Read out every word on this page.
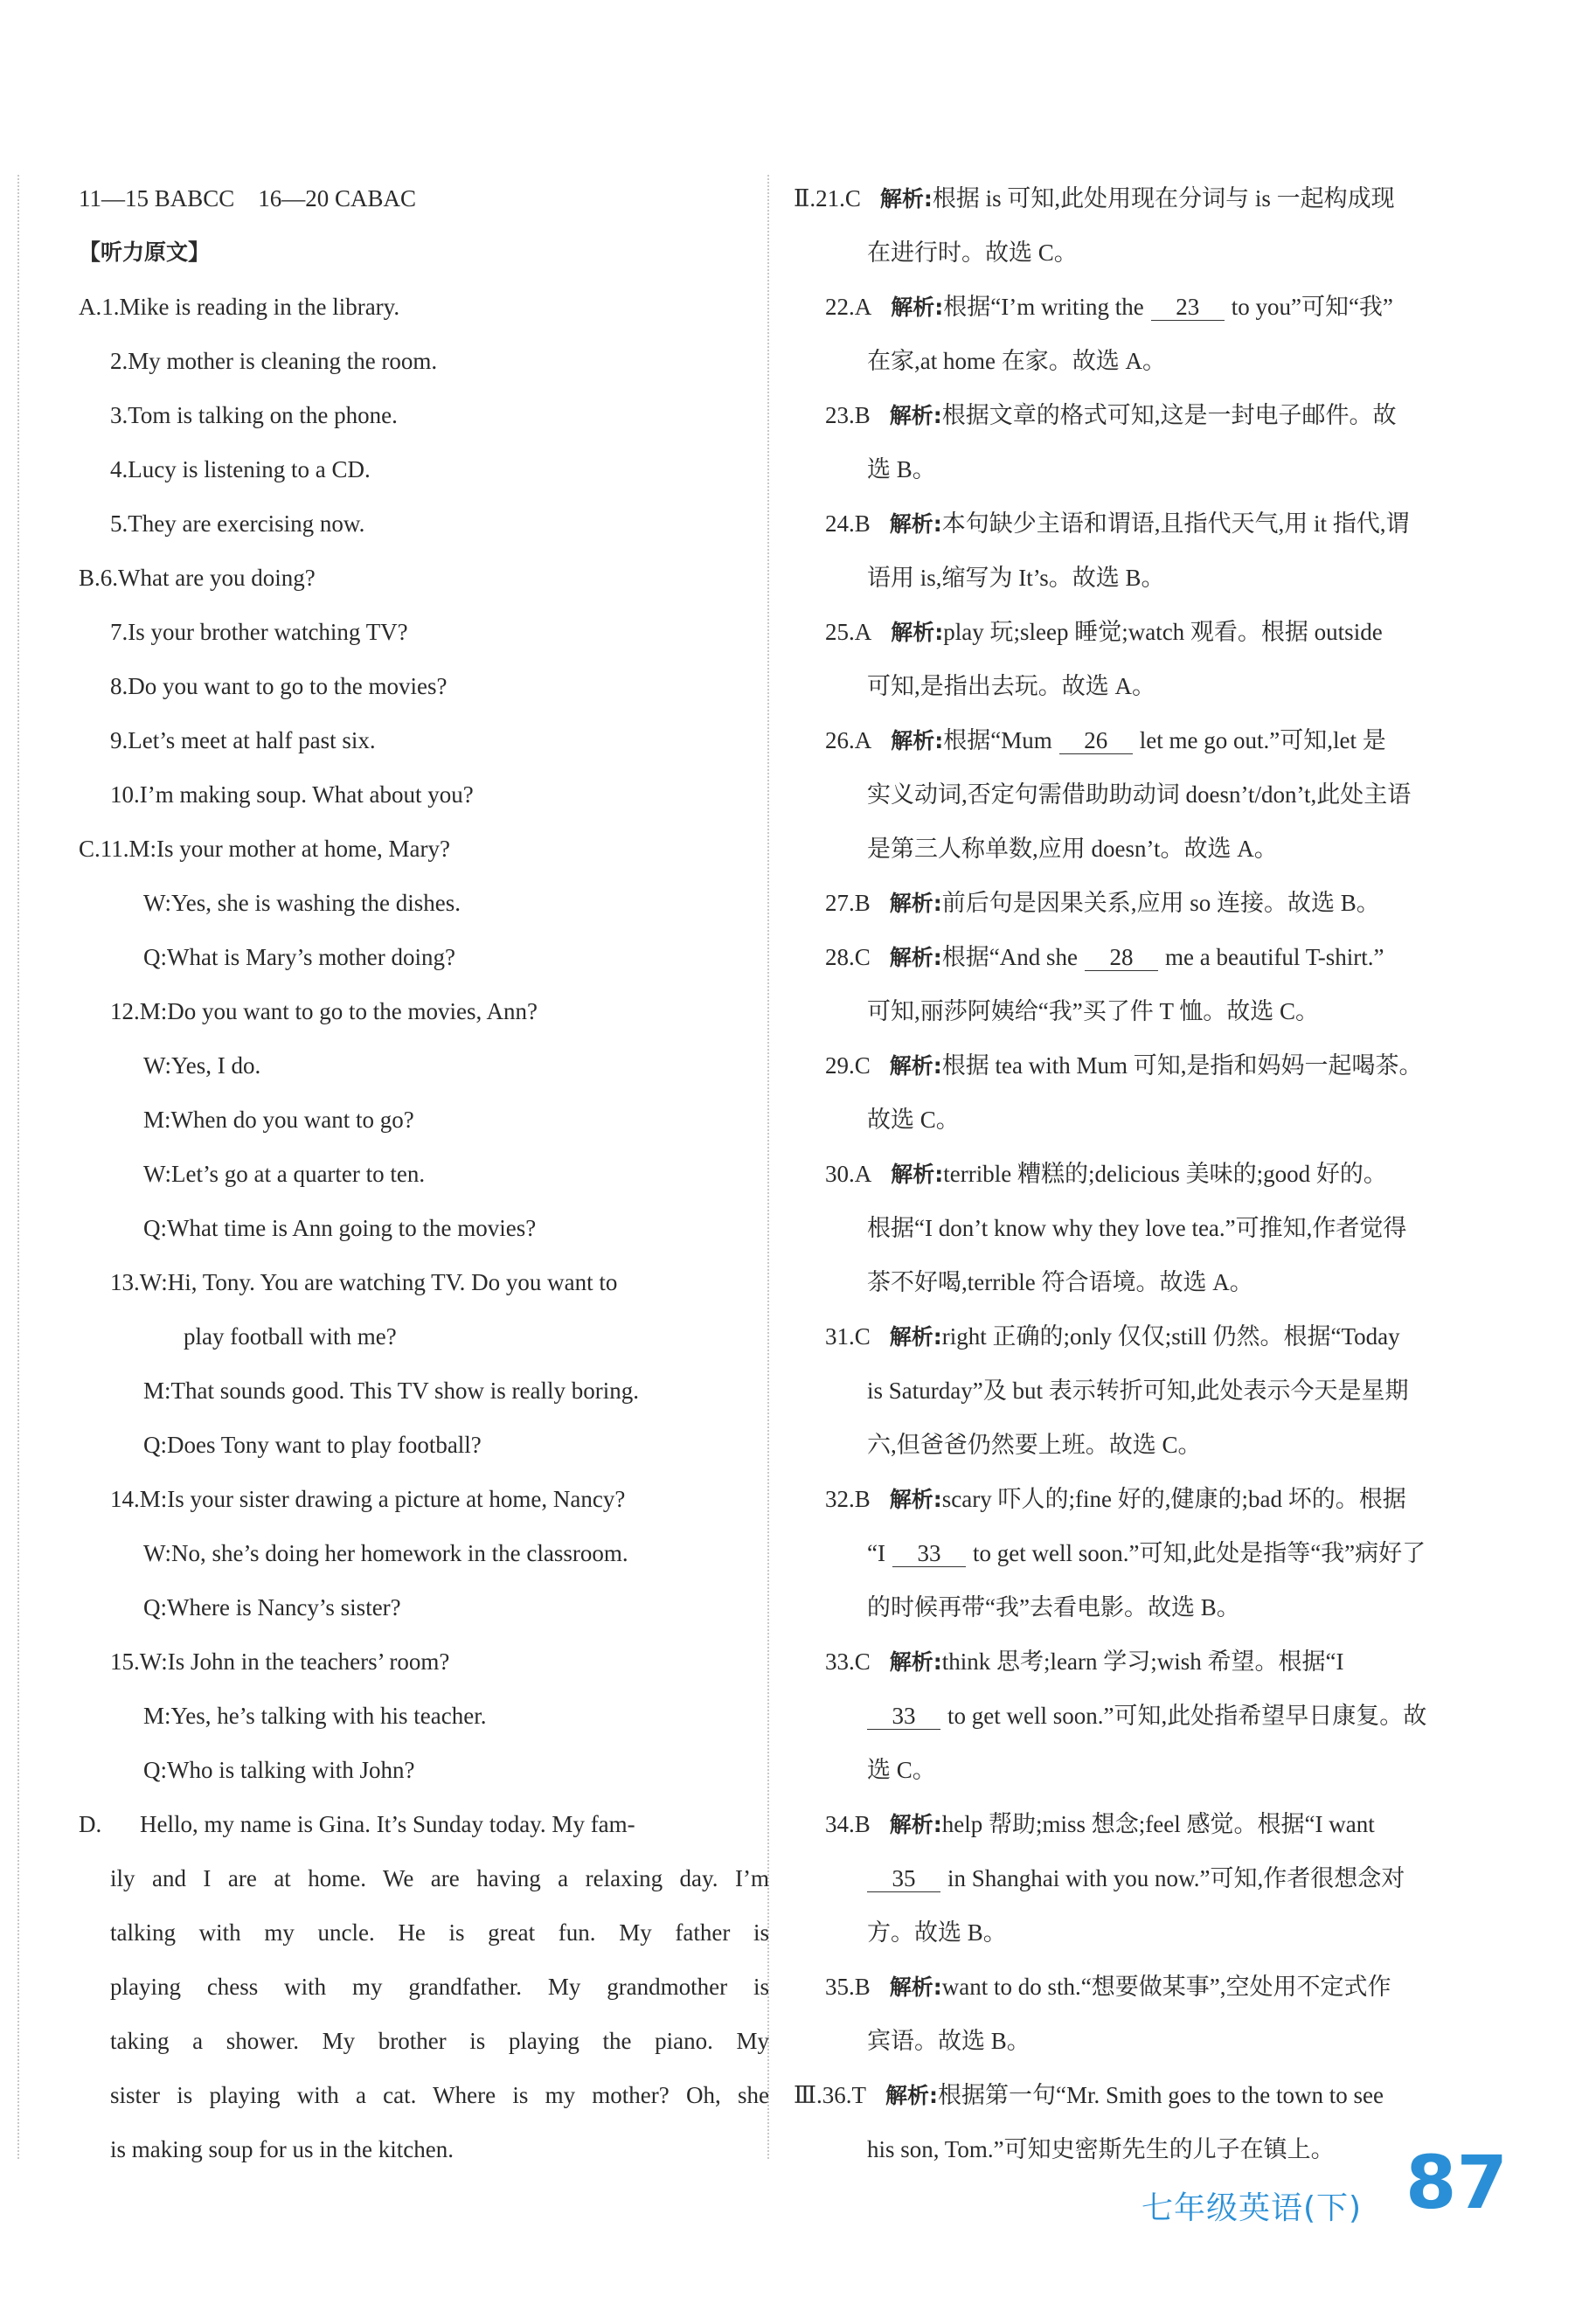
11—15 BABCC　16—20 CABAC
【听力原文】
A.1.Mike is reading in the library.
2.My mother is cleaning the room.
3.Tom is talking on the phone.
4.Lucy is listening to a CD.
5.They are exercising now.
B.6.What are you doing?
7.Is your brother watching TV?
8.Do you want to go to the movies?
9.Let’s meet at half past six.
10.I’m making soup. What about you?
C.11.M:Is your mother at home, Mary?
W:Yes, she is washing the dishes.
Q:What is Mary’s mother doing?
12.M:Do you want to go to the movies, Ann?
W:Yes, I do.
M:When do you want to go?
W:Let’s go at a quarter to ten.
Q:What time is Ann going to the movies?
13.W:Hi, Tony. You are watching TV. Do you want to
play football with me?
M:That sounds good. This TV show is really boring.
Q:Does Tony want to play football?
14.M:Is your sister drawing a picture at home, Nancy?
W:No, she’s doing her homework in the classroom.
Q:Where is Nancy’s sister?
15.W:Is John in the teachers’ room?
M:Yes, he’s talking with his teacher.
Q:Who is talking with John?
D. Hello, my name is Gina. It’s Sunday today. My fam-
ily and I are at home. We are having a relaxing day. I’m
talking with my uncle. He is great fun. My father is
playing chess with my grandfather. My grandmother is
taking a shower. My brother is playing the piano. My
sister is playing with a cat. Where is my mother? Oh, she
is making soup for us in the kitchen.
Ⅱ.21.C 解析:根据 is 可知,此处用现在分词与 is 一起构成现
在进行时。故选 C。
22.A 解析:根据“I’m writing the 23 to you”可知“我”
在家,at home 在家。故选 A。
23.B 解析:根据文章的格式可知,这是一封电子邮件。故
选 B。
24.B 解析:本句缺少主语和谓语,且指代天气,用 it 指代,谓
语用 is,缩写为 It’s。故选 B。
25.A 解析:play 玩;sleep 睡觉;watch 观看。根据 outside
可知,是指出去玩。故选 A。
26.A 解析:根据“Mum 26 let me go out.”可知,let 是
实义动词,否定句需借助助动词 doesn’t/don’t,此处主语
是第三人称单数,应用 doesn’t。故选 A。
27.B 解析:前后句是因果关系,应用 so 连接。故选 B。
28.C 解析:根据“And she 28 me a beautiful T-shirt.”
可知,丽莎阿姨给“我”买了件 T 恤。故选 C。
29.C 解析:根据 tea with Mum 可知,是指和妈妈一起喝茶。
故选 C。
30.A 解析:terrible 糟糕的;delicious 美味的;good 好的。
根据“I don’t know why they love tea.”可推知,作者觉得
茶不好喝,terrible 符合语境。故选 A。
31.C 解析:right 正确的;only 仅仅;still 仍然。根据“Today
is Saturday”及 but 表示转折可知,此处表示今天是星期
六,但爸爸仍然要上班。故选 C。
32.B 解析:scary 吓人的;fine 好的,健康的;bad 坏的。根据
“I 33 to get well soon.”可知,此处是指等“我”病好了
的时候再带“我”去看电影。故选 B。
33.C 解析:think 思考;learn 学习;wish 希望。根据“I
33 to get well soon.”可知,此处指希望早日康复。故
选 C。
34.B 解析:help 帮助;miss 想念;feel 感觉。根据“I want
35 in Shanghai with you now.”可知,作者很想念对
方。故选 B。
35.B 解析:want to do sth.“想要做某事”,空处用不定式作
宾语。故选 B。
Ⅲ.36.T 解析:根据第一句“Mr. Smith goes to the town to see
his son, Tom.”可知史密斯先生的儿子在镇上。
七年级英语(下) 87
